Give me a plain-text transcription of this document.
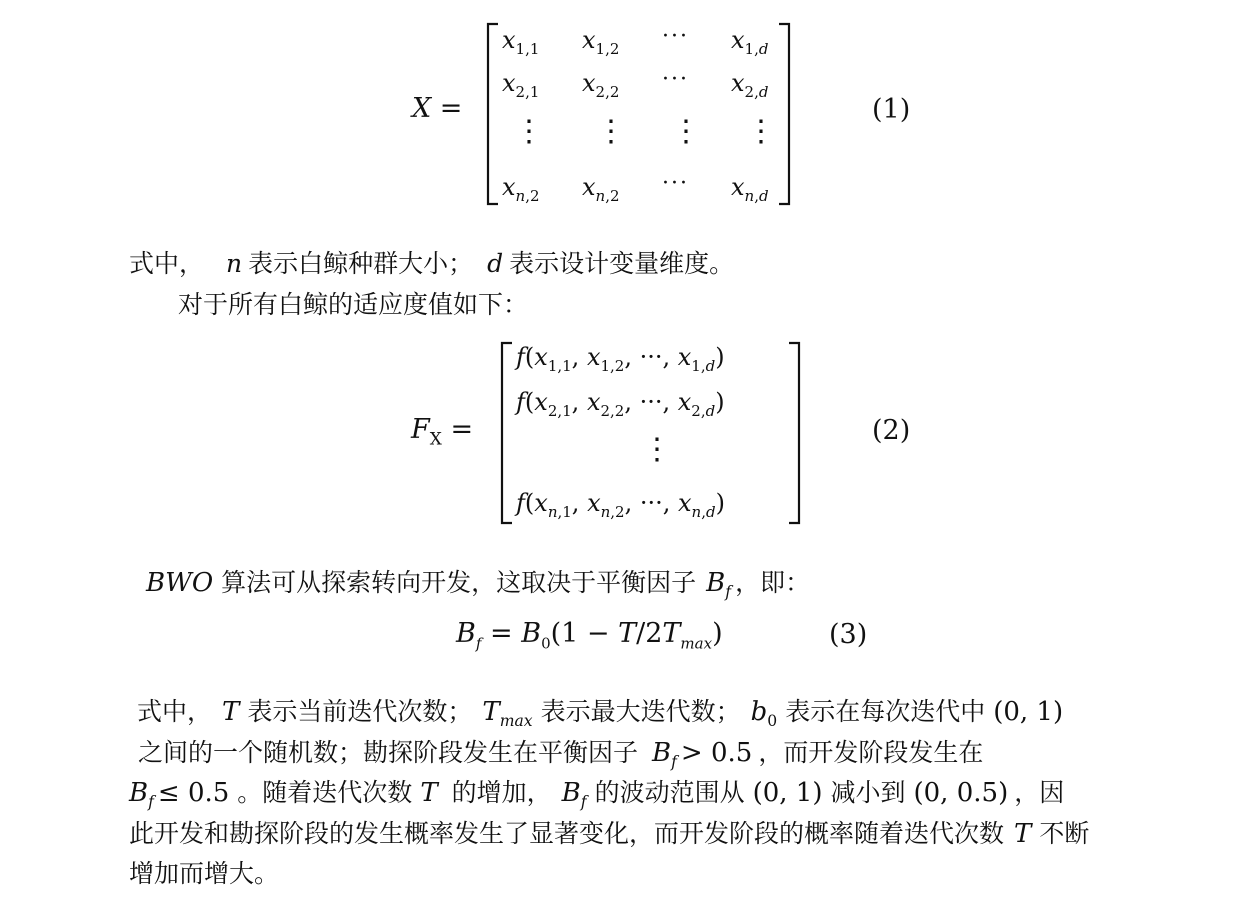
X =
$x_{1,1}$ $x_{1,2}$ ··· $x_{1,d}$
$x_{2,1}$ $x_{2,2}$ ··· $x_{2,d}$
⋮ ⋮ ⋮ ⋮
$x_{n,2}$ $x_{n,2}$ ··· $x_{n,d}$
(1)
式中， n 表示白鲸种群大小； d 表示设计变量维度。
对于所有白鲸的适应度值如下：
$F_X$ =
$f(x_{1,1}$, $x_{1,2}$, ···, $x_{1,d}$)
$f(x_{2,1}$, $x_{2,2}$, ···, $x_{2,d}$)
⋮
$f(x_{n,1}$, $x_{n,2}$, ···, $x_{n,d}$)
(2)
BWO 算法可从探索转向开发，这取决于平衡因子 $B_f$ ，即：
$B_f = B_0(1 - T/2T_{max})$	(3)
式中， T 表示当前迭代次数； $T_{max}$ 表示最大迭代数； $b_0$ 表示在每次迭代中 (0, 1)
之间的一个随机数；勘探阶段发生在平衡因子 $B_f > 0.5$ ，而开发阶段发生在
$B_f \le 0.5$ 。随着迭代次数 T 的增加， $B_f$ 的波动范围从 (0, 1) 减小到 (0, 0.5) ，因
此开发和勘探阶段的发生概率发生了显著变化，而开发阶段的概率随着迭代次数 T 不断
增加而增大。
